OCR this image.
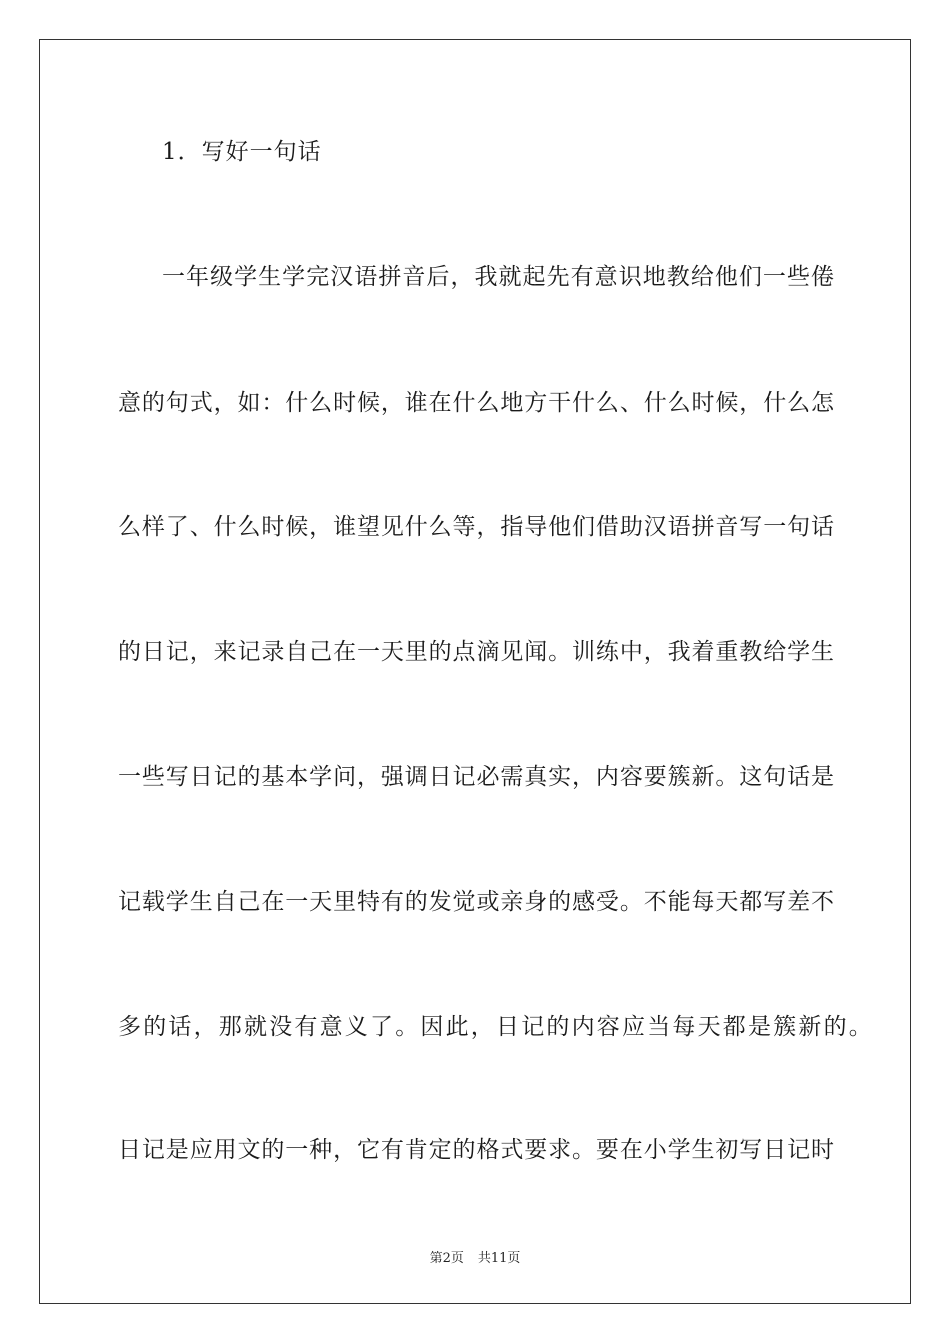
1．写好一句话
一年级学生学完汉语拼音后，我就起先有意识地教给他们一些倦
意的句式，如：什么时候，谁在什么地方干什么、什么时候，什么怎
么样了、什么时候，谁望见什么等，指导他们借助汉语拼音写一句话
的日记，来记录自己在一天里的点滴见闻。训练中，我着重教给学生
一些写日记的基本学问，强调日记必需真实，内容要簇新。这句话是
记载学生自己在一天里特有的发觉或亲身的感受。不能每天都写差不
多的话，那就没有意义了。因此，日记的内容应当每天都是簇新的。
日记是应用文的一种，它有肯定的格式要求。要在小学生初写日记时
第2页 共11页
